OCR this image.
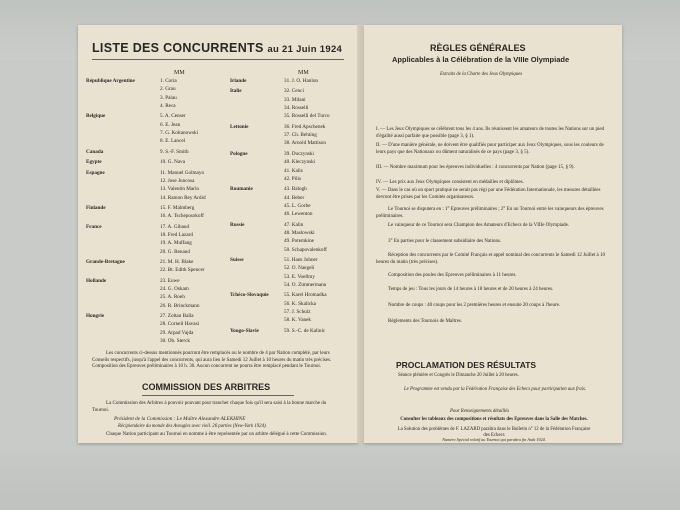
LISTE DES CONCURRENTS au 21 Juin 1924
MM	MM
République Argentine	1. Coria
2. Grau
3. Palau
4. Reca
Belgique	5. A. Censer
6. E. Jean
7. G. Koltanowski
8. E. Lancel
Canada	9. S.-F. Smith
Egypte	10. G. Nava
Espagne	11. Manuel Golmayo
12. Jose Juncosa
13. Valentin Marin
14. Ramon Rey Ardid
Finlande	15. F. Malmberg
16. A. Tschepourkoff
France	17. A. Gibaud
18. Fred Lazard
19. A. Muffang
20. G. Renaud
Grande-Bretagne	21. M. H. Blake
22. Bt. Edith Spencer
Hollande	23. Euwe
24. G. Oskam
25. A. Roeh
26. R. Brinckmann
Hongrie	27. Zoltan Balla
28. Corneil Havasi
29. Arpad Vajda
30. Ob. Sterck
Irlande	31. J. O. Hanlon
Italie	32. Cenci
33. Milani
34. Rosselli
35. Rosselli del Turco
Lettonie	36. Fred Apschenek
37. Ch. Behting
38. Arnold Mattison
Pologne	39. Duczynski
40. Kleczynski
41. Kalis
42. Pilis
Roumanie	43. Balogh
44. Beber
45. L. Gorbe
46. Lewenton
Russie	47. Kalin
48. Maslowski
49. Potemkine
50. Schapovalenkoff
Suisse	51. Hans Johner
52. O. Naegeli
53. E. Voellmy
54. O. Zimmermann
Tchéco-Slovaquie	55. Karel Hromadka
56. K. Skalicka
57. J. Schulz
58. K. Vanek
Yougo-Slavie	59. S.-C. de Kalinic
Les concurrents ci-dessus mentionnés pourront être remplacés ou le nombre de 4 par Nation complété, par leurs Conseils respectifs, jusqu'à l'appel des concurrents, qui aura lieu le Samedi 12 Juillet à 10 heures du matin très précises. Composition des Epreuves préliminaires à 10 h. 30. Aucun concurrent ne pourra être remplacé pendant le Tournoi.
COMMISSION DES ARBITRES
La Commission des Arbitres à pouvoir pouvant pour trancher chaque fois qu'il sera saisi à la bonne marche du Tournoi.
Président de la Commission : Le Maître Alexandre ALEKHINE
Récipiendaire du monde des Aveugles avec vieil. 26 parties (New-York 1924).
Chaque Nation participant au Tournoi en nomme à être représentée par un arbitre délégué à cette Commission.
RÈGLES GÉNÉRALES
Applicables à la Célébration de la VIIIe Olympiade
Extraits de la Charte des Jeux Olympiques
I. — Les Jeux Olympiques se célèbrent tous les 4 ans. Ils réunissent les amateurs de toutes les Nations sur un pied d'égalité aussi parfaite que possible (page 3, § 1).
II. — D'une manière générale, ne doivent être qualifiés pour participer aux Jeux Olympiques, sous les couleurs de leurs pays que des Nationaux ou dûment naturalisés de ce pays (page 3, § 5).
III. — Nombre maximum pour les épreuves individuelles : 4 concurrents par Nation (page 15, § 9).
IV. — Les prix aux Jeux Olympiques consistent en médailles et diplômes.
V. — Dans le cas où un sport pratiqué ne serait pas régi par une Fédération Internationale, les mesures détaillées devront être prises par les Comités organisateurs.
Le Tournoi se disputera en : 1° Epreuves préliminaires ; 2° En un Tournoi entre les vainqueurs des épreuves préliminaires.
Le vainqueur de ce Tournoi sera Champion des Amateurs d'Echecs de la VIIIe Olympiade.
3° En parties pour le classement subsidiaire des Nations.
Réception des concurrents par le Comité Français et appel nominal des concurrents le Samedi 12 Juillet à 10 heures du matin (très précises).
Composition des poules des Epreuves préliminaires à 11 heures.
Temps de jeu : Tous les jours de 14 heures à 18 heures et de 20 heures à 24 heures.
Nombre de coups : 40 coups pour les 2 premières heures et ensuite 20 coups à l'heure.
Règlements des Tournois de Maîtres.
PROCLAMATION DES RÉSULTATS
Séance plénière et Congrès le Dimanche 20 Juillet à 20 heures.
Le Programme est vendu par la Fédération Française des Echecs pour participation aux frais.
Pour Renseignements détaillés
Consulter les tableaux des compositions et résultats des Epreuves dans la Salle des Matches.
La Solution des problèmes de F. LAZARD paraîtra dans le Bulletin n° 12 de la Fédération Française des Echecs
Numéro Spécial relatif au Tournoi qui paraîtra fin Août 1924.
